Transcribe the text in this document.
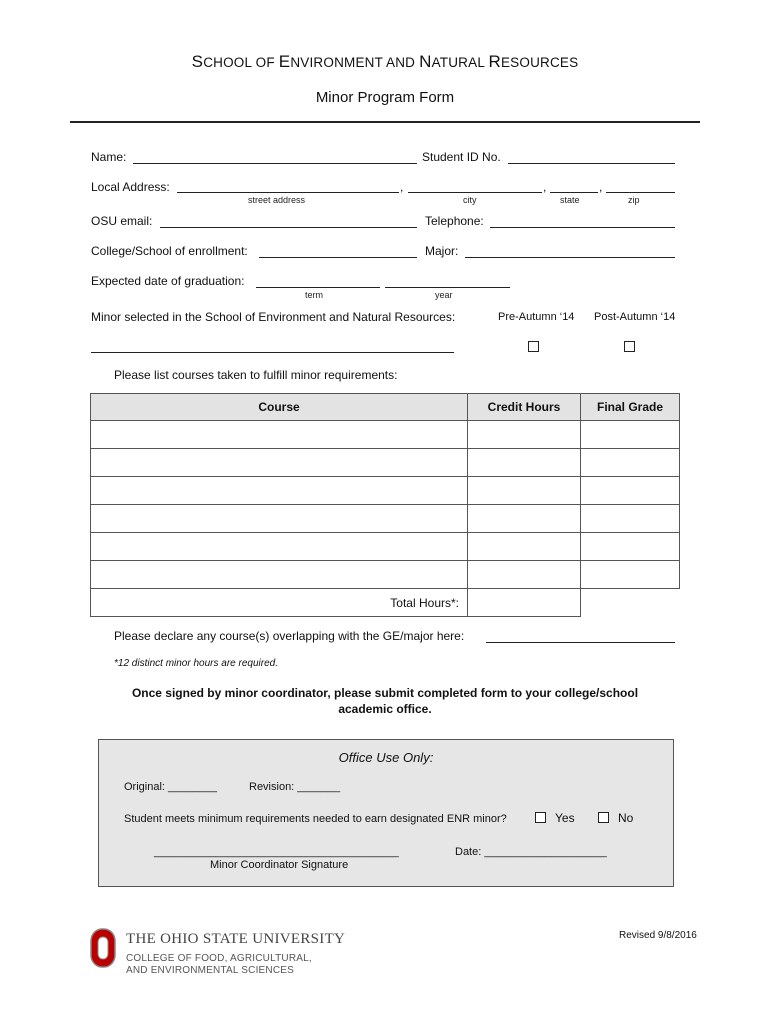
SCHOOL OF ENVIRONMENT AND NATURAL RESOURCES
Minor Program Form
Name:	Student ID No.
Local Address:	,	,	,
street address	city	state	zip
OSU email:	Telephone:
College/School of enrollment:	Major:
Expected date of graduation:
term	year
Minor selected in the School of Environment and Natural Resources:	Pre-Autumn ‘14 Post-Autumn ‘14
Please list courses taken to fulfill minor requirements:
Course	Credit Hours	Final Grade

Total Hours*:		
Please declare any course(s) overlapping with the GE/major here:
*12 distinct minor hours are required.
Once signed by minor coordinator, please submit completed form to your college/school
academic office.
Office Use Only:
Original: ________	Revision: _______
Student meets minimum requirements needed to earn designated ENR minor?	Yes	No
________________________________________
Minor Coordinator Signature
Date: ____________________
THE OHIO STATE UNIVERSITY
COLLEGE OF FOOD, AGRICULTURAL,
AND ENVIRONMENTAL SCIENCES
Revised 9/8/2016
